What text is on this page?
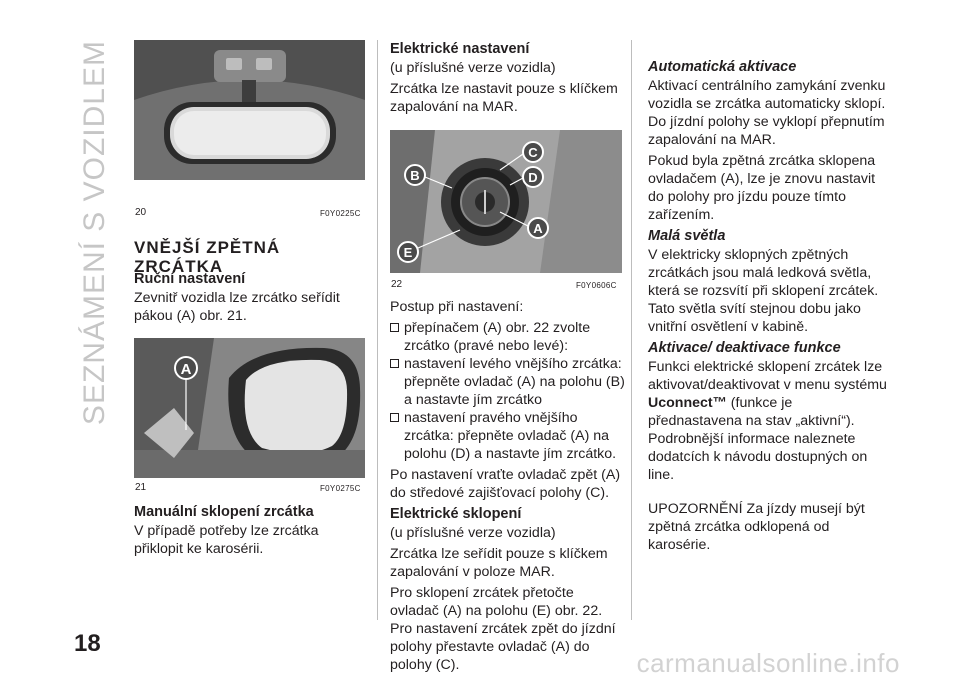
SEZNÁMENÍ S VOZIDLEM
18
20	F0Y0225C
VNĚJŠÍ ZPĚTNÁ ZRCÁTKA
Ruční nastavení

Zevnitř vozidla lze zrcátko seřídit pákou (A) obr. 21.

A
21	F0Y0275C
Manuální sklopení zrcátka

V případě potřeby lze zrcátka přiklopit ke karosérii.

Elektrické nastavení

(u příslušné verze vozidla)

Zrcátka lze nastavit pouze s klíčkem zapalování na MAR.

C
D
B
A
E
22	F0Y0606C

Postup při nastavení:

přepínačem (A) obr. 22 zvolte zrcátko (pravé nebo levé):
nastavení levého vnějšího zrcátka: přepněte ovladač (A) na polohu (B) a nastavte jím zrcátko
nastavení pravého vnějšího zrcátka: přepněte ovladač (A) na polohu (D) a nastavte jím zrcátko.

Po nastavení vraťte ovladač zpět (A) do středové zajišťovací polohy (C).

Elektrické sklopení

(u příslušné verze vozidla)

Zrcátka lze seřídit pouze s klíčkem zapalování v poloze MAR.

Pro sklopení zrcátek přetočte ovladač (A) na polohu (E) obr. 22. Pro nastavení zrcátek zpět do jízdní polohy přestavte ovladač (A) do polohy (C).

Automatická aktivace

Aktivací centrálního zamykání zvenku vozidla se zrcátka automaticky sklopí. Do jízdní polohy se vyklopí přepnutím zapalování na MAR.

Pokud byla zpětná zrcátka sklopena ovladačem (A), lze je znovu nastavit do polohy pro jízdu pouze tímto zařízením.

Malá světla

V elektricky sklopných zpětných zrcátkách jsou malá ledková světla, která se rozsvítí při sklopení zrcátek. Tato světla svítí stejnou dobu jako vnitřní osvětlení v kabině.

Aktivace/ deaktivace funkce

Funkci elektrické sklopení zrcátek lze aktivovat/deaktivovat v menu systému Uconnect™ (funkce je přednastavena na stav „aktivní“). Podrobnější informace naleznete dodatcích k návodu dostupných on line.

UPOZORNĚNÍ Za jízdy musejí být zpětná zrcátka odklopená od karosérie.

carmanualsonline.info
